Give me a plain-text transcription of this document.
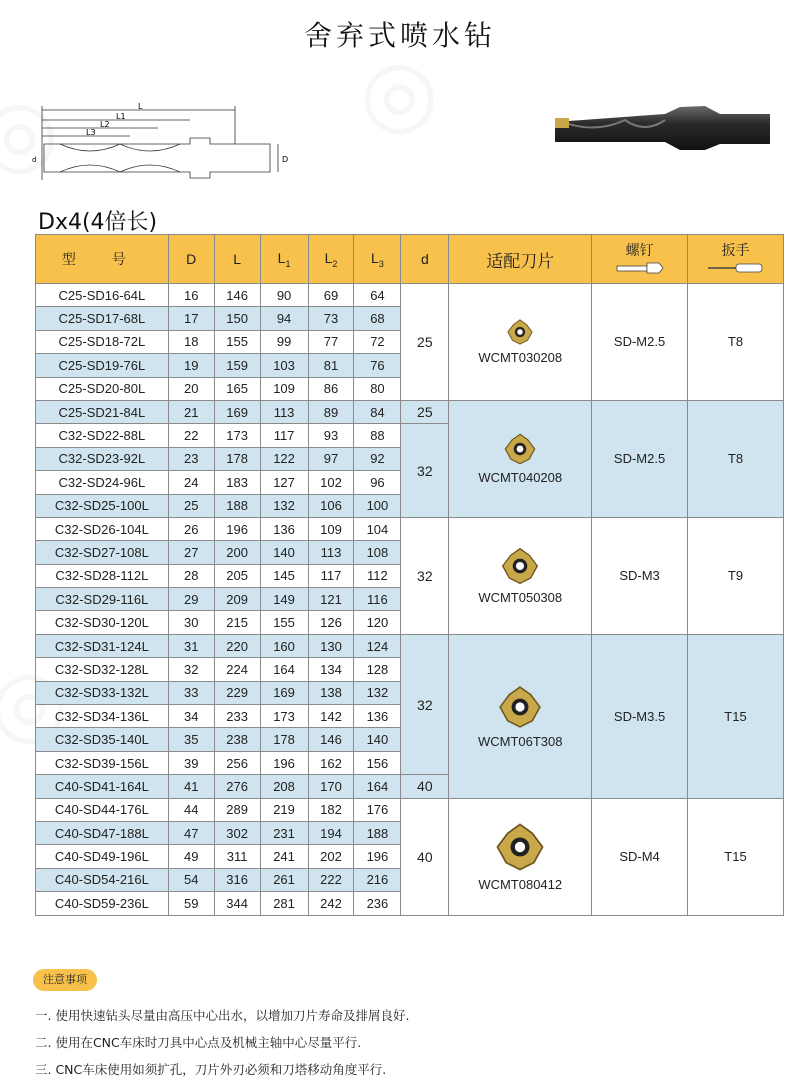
舍弃式喷水钻
L
L1
L2
L3
D
d
Dx4(4倍长)
型 号	D	L	$L_1$	$L_2$	$L_3$	d	适配刀片	螺钉	扳手

C25-SD16-64L	16	146	90	69	64	25	WCMT030208	SD-M2.5	T8
C25-SD17-68L	17	150	94	73	68				
C25-SD18-72L	18	155	99	77	72				
C25-SD19-76L	19	159	103	81	76				
C25-SD20-80L	20	165	109	86	80				
C25-SD21-84L	21	169	113	89	84	25	WCMT040208	SD-M2.5	T8
C32-SD22-88L	22	173	117	93	88	32			
C32-SD23-92L	23	178	122	97	92				
C32-SD24-96L	24	183	127	102	96				
C32-SD25-100L	25	188	132	106	100				
C32-SD26-104L	26	196	136	109	104	32	WCMT050308	SD-M3	T9
C32-SD27-108L	27	200	140	113	108				
C32-SD28-112L	28	205	145	117	112				
C32-SD29-116L	29	209	149	121	116				
C32-SD30-120L	30	215	155	126	120				
C32-SD31-124L	31	220	160	130	124	32	WCMT06T308	SD-M3.5	T15
C32-SD32-128L	32	224	164	134	128				
C32-SD33-132L	33	229	169	138	132				
C32-SD34-136L	34	233	173	142	136				
C32-SD35-140L	35	238	178	146	140				
C32-SD39-156L	39	256	196	162	156				
C40-SD41-164L	41	276	208	170	164	40			
C40-SD44-176L	44	289	219	182	176	40	WCMT080412	SD-M4	T15
C40-SD47-188L	47	302	231	194	188				
C40-SD49-196L	49	311	241	202	196				
C40-SD54-216L	54	316	261	222	216				
C40-SD59-236L	59	344	281	242	236				
注意事项
一. 使用快速钻头尽量由高压中心出水，以增加刀片寿命及排屑良好.
二. 使用在CNC车床时刀具中心点及机械主轴中心尽量平行.
三. CNC车床使用如须扩孔，刀片外刃必须和刀塔移动角度平行.
